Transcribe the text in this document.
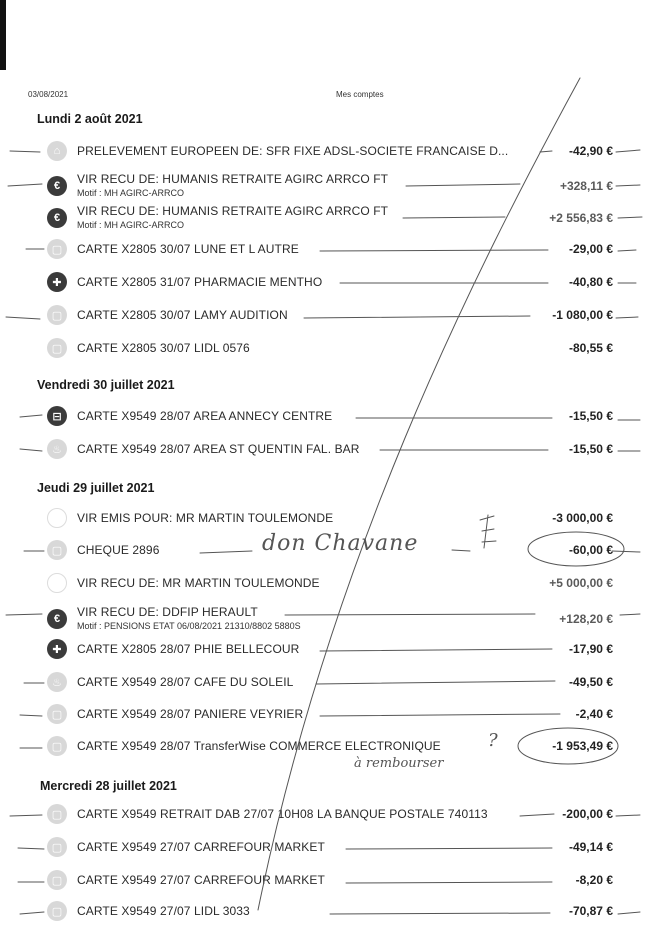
03/08/2021	Mes comptes
Lundi 2 août 2021
⌂	PRELEVEMENT EUROPEEN DE: SFR FIXE ADSL-SOCIETE FRANCAISE D...	-42,90 €
€	VIR RECU DE: HUMANIS RETRAITE AGIRC ARRCO FT
Motif : MH AGIRC-ARRCO	+328,11 €
€	VIR RECU DE: HUMANIS RETRAITE AGIRC ARRCO FT
Motif : MH AGIRC-ARRCO	+2 556,83 €
▢	CARTE X2805 30/07 LUNE ET L AUTRE	-29,00 €
✚	CARTE X2805 31/07 PHARMACIE MENTHO	-40,80 €
▢	CARTE X2805 30/07 LAMY AUDITION	-1 080,00 €
▢	CARTE X2805 30/07 LIDL 0576	-80,55 €
Vendredi 30 juillet 2021
⊟	CARTE X9549 28/07 AREA ANNECY CENTRE	-15,50 €
♨	CARTE X9549 28/07 AREA ST QUENTIN FAL. BAR	-15,50 €
Jeudi 29 juillet 2021
VIR EMIS POUR: MR MARTIN TOULEMONDE	-3 000,00 €
▢	CHEQUE 2896	-60,00 €
VIR RECU DE: MR MARTIN TOULEMONDE	+5 000,00 €
€	VIR RECU DE: DDFIP HERAULT
Motif : PENSIONS ETAT 06/08/2021 21310/8802 5880S	+128,20 €
✚	CARTE X2805 28/07 PHIE BELLECOUR	-17,90 €
♨	CARTE X9549 28/07 CAFE DU SOLEIL	-49,50 €
▢	CARTE X9549 28/07 PANIERE VEYRIER	-2,40 €
▢	CARTE X9549 28/07 TransferWise COMMERCE ELECTRONIQUE	-1 953,49 €
Mercredi 28 juillet 2021
▢	CARTE X9549 RETRAIT DAB 27/07 10H08 LA BANQUE POSTALE 740113	-200,00 €
▢	CARTE X9549 27/07 CARREFOUR MARKET	-49,14 €
▢	CARTE X9549 27/07 CARREFOUR MARKET	-8,20 €
▢	CARTE X9549 27/07 LIDL 3033	-70,87 €
don Chavane
?
à rembourser
